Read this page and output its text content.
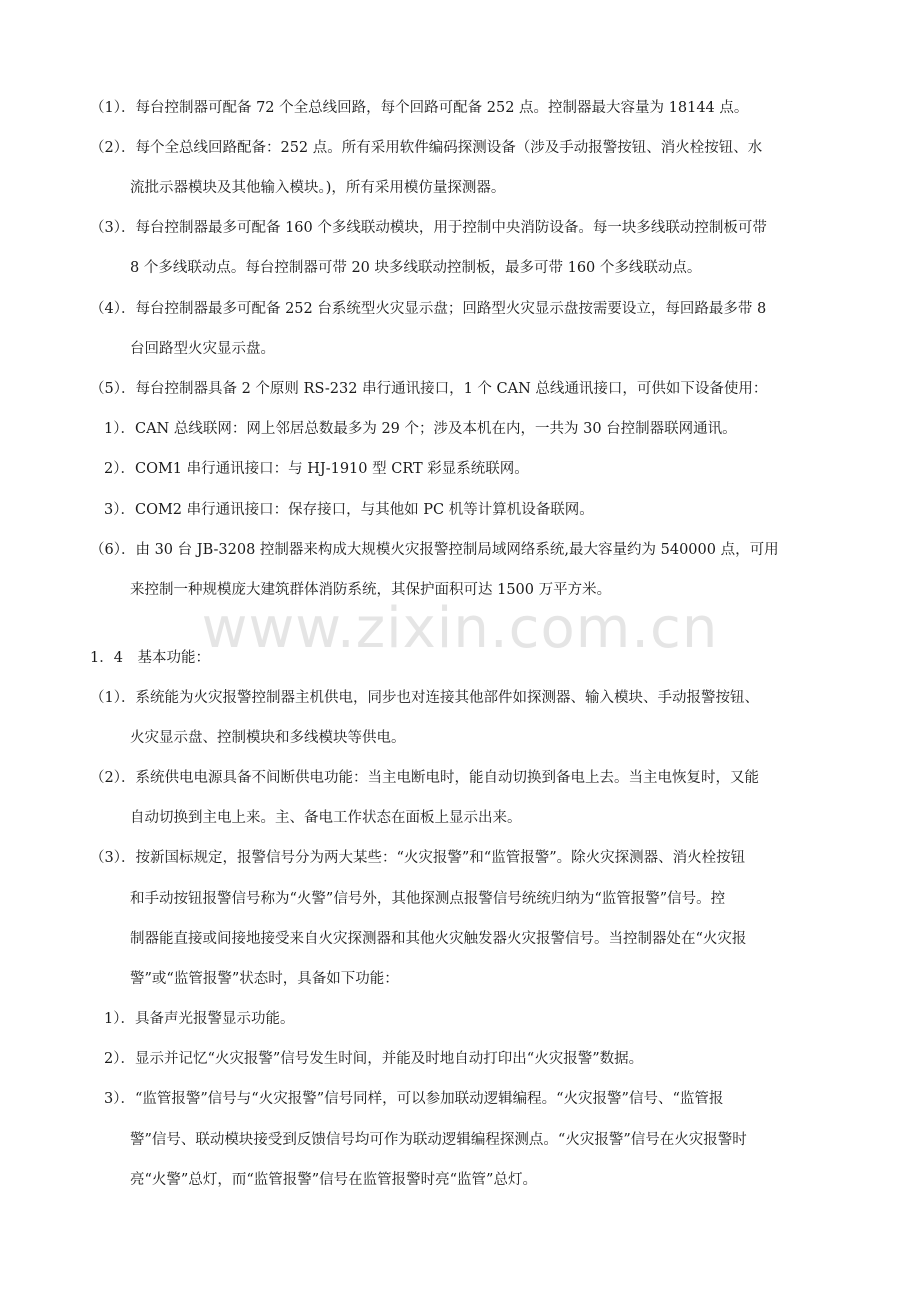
（1）．每台控制器可配备 72 个全总线回路，每个回路可配备 252 点。控制器最大容量为 18144 点。
（2）．每个全总线回路配备：252 点。所有采用软件编码探测设备（涉及手动报警按钮、消火栓按钮、水
流批示器模块及其他输入模块。)，所有采用模仿量探测器。
（3）．每台控制器最多可配备 160 个多线联动模块，用于控制中央消防设备。每一块多线联动控制板可带
8 个多线联动点。每台控制器可带 20 块多线联动控制板，最多可带 160 个多线联动点。
（4）．每台控制器最多可配备 252 台系统型火灾显示盘；回路型火灾显示盘按需要设立，每回路最多带 8
台回路型火灾显示盘。
（5）．每台控制器具备 2 个原则 RS-232 串行通讯接口，1 个 CAN 总线通讯接口，可供如下设备使用：
1）．CAN 总线联网：网上邻居总数最多为 29 个；涉及本机在内，一共为 30 台控制器联网通讯。
2）．COM1 串行通讯接口：与 HJ-1910 型 CRT 彩显系统联网。
3）．COM2 串行通讯接口：保存接口，与其他如 PC 机等计算机设备联网。
（6）．由 30 台 JB-3208 控制器来构成大规模火灾报警控制局域网络系统,最大容量约为 540000 点，可用
来控制一种规模庞大建筑群体消防系统，其保护面积可达 1500 万平方米。
1．4　基本功能：
（1）．系统能为火灾报警控制器主机供电，同步也对连接其他部件如探测器、输入模块、手动报警按钮、
火灾显示盘、控制模块和多线模块等供电。
（2）．系统供电电源具备不间断供电功能：当主电断电时，能自动切换到备电上去。当主电恢复时，又能
自动切换到主电上来。主、备电工作状态在面板上显示出来。
（3）．按新国标规定，报警信号分为两大某些：“火灾报警”和“监管报警”。除火灾探测器、消火栓按钮
和手动按钮报警信号称为“火警”信号外，其他探测点报警信号统统归纳为“监管报警”信号。控
制器能直接或间接地接受来自火灾探测器和其他火灾触发器火灾报警信号。当控制器处在“火灾报
警”或“监管报警”状态时，具备如下功能：
1）．具备声光报警显示功能。
2）．显示并记忆“火灾报警”信号发生时间，并能及时地自动打印出“火灾报警”数据。
3）．“监管报警”信号与“火灾报警”信号同样，可以参加联动逻辑编程。“火灾报警”信号、“监管报
警”信号、联动模块接受到反馈信号均可作为联动逻辑编程探测点。“火灾报警”信号在火灾报警时
亮“火警”总灯，而“监管报警”信号在监管报警时亮“监管”总灯。
www.zixin.com.cn
